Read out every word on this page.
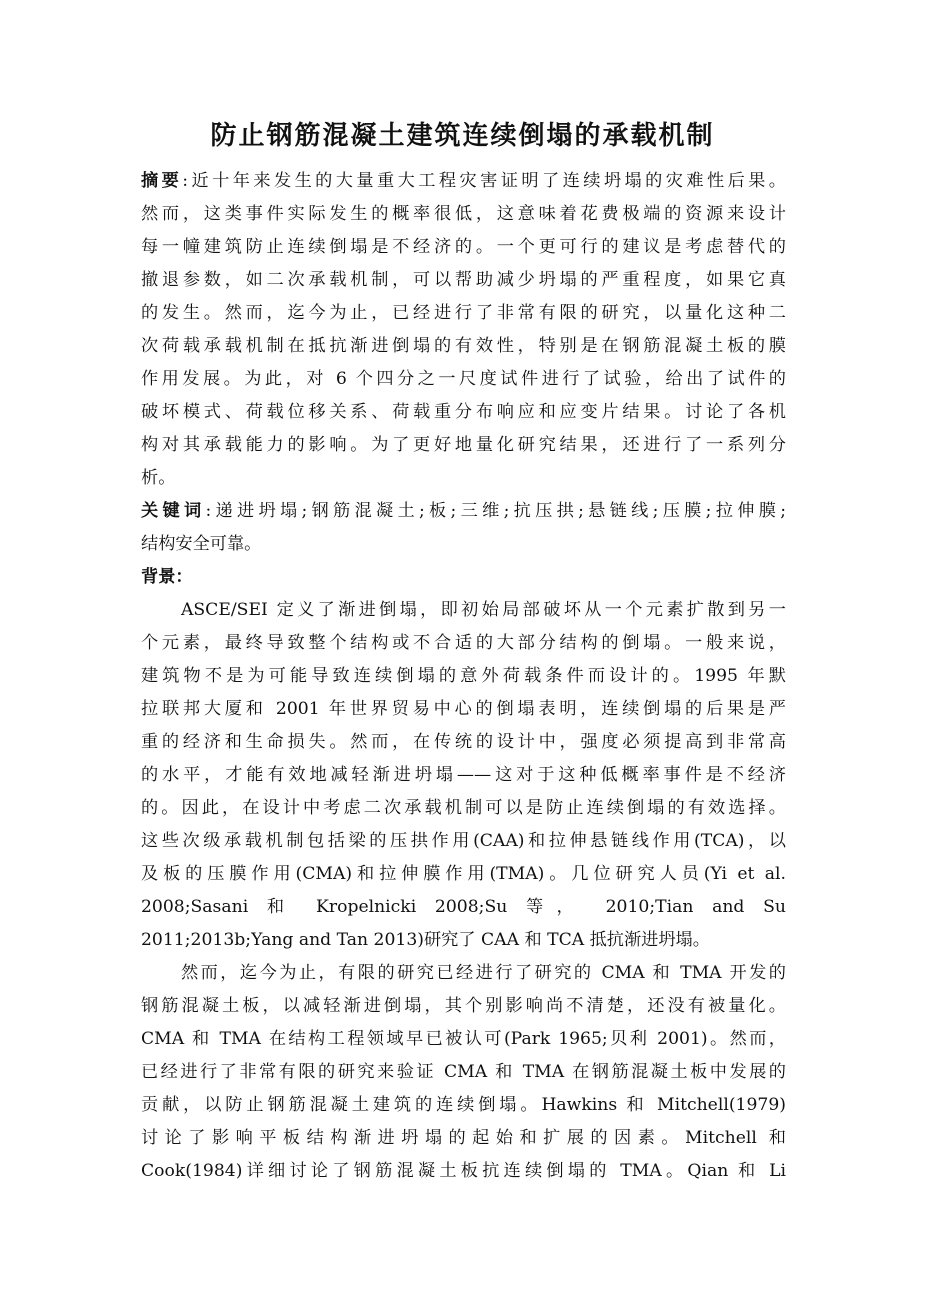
防止钢筋混凝土建筑连续倒塌的承载机制
摘要:近十年来发生的大量重大工程灾害证明了连续坍塌的灾难性后果。
然而，这类事件实际发生的概率很低，这意味着花费极端的资源来设计
每一幢建筑防止连续倒塌是不经济的。一个更可行的建议是考虑替代的
撤退参数，如二次承载机制，可以帮助减少坍塌的严重程度，如果它真
的发生。然而，迄今为止，已经进行了非常有限的研究，以量化这种二
次荷载承载机制在抵抗渐进倒塌的有效性，特别是在钢筋混凝土板的膜
作用发展。为此，对 6 个四分之一尺度试件进行了试验，给出了试件的
破坏模式、荷载位移关系、荷载重分布响应和应变片结果。讨论了各机
构对其承载能力的影响。为了更好地量化研究结果，还进行了一系列分
析。
关键词:递进坍塌;钢筋混凝土;板;三维;抗压拱;悬链线;压膜;拉伸膜;
结构安全可靠。
背景：
ASCE/SEI 定义了渐进倒塌，即初始局部破坏从一个元素扩散到另一
个元素，最终导致整个结构或不合适的大部分结构的倒塌。一般来说，
建筑物不是为可能导致连续倒塌的意外荷载条件而设计的。1995 年默
拉联邦大厦和 2001 年世界贸易中心的倒塌表明，连续倒塌的后果是严
重的经济和生命损失。然而，在传统的设计中，强度必须提高到非常高
的水平，才能有效地减轻渐进坍塌——这对于这种低概率事件是不经济
的。因此，在设计中考虑二次承载机制可以是防止连续倒塌的有效选择。
这些次级承载机制包括梁的压拱作用(CAA)和拉伸悬链线作用(TCA)，以
及板的压膜作用(CMA)和拉伸膜作用(TMA)。几位研究人员(Yi et al.
2008;Sasani 和 Kropelnicki 2008;Su 等， 2010;Tian and Su
2011;2013b;Yang and Tan 2013)研究了 CAA 和 TCA 抵抗渐进坍塌。
然而，迄今为止，有限的研究已经进行了研究的 CMA 和 TMA 开发的
钢筋混凝土板，以减轻渐进倒塌，其个别影响尚不清楚，还没有被量化。
CMA 和 TMA 在结构工程领域早已被认可(Park 1965;贝利 2001)。然而，
已经进行了非常有限的研究来验证 CMA 和 TMA 在钢筋混凝土板中发展的
贡献，以防止钢筋混凝土建筑的连续倒塌。Hawkins 和 Mitchell(1979)
讨论了影响平板结构渐进坍塌的起始和扩展的因素。Mitchell 和
Cook(1984)详细讨论了钢筋混凝土板抗连续倒塌的 TMA。Qian 和 Li
